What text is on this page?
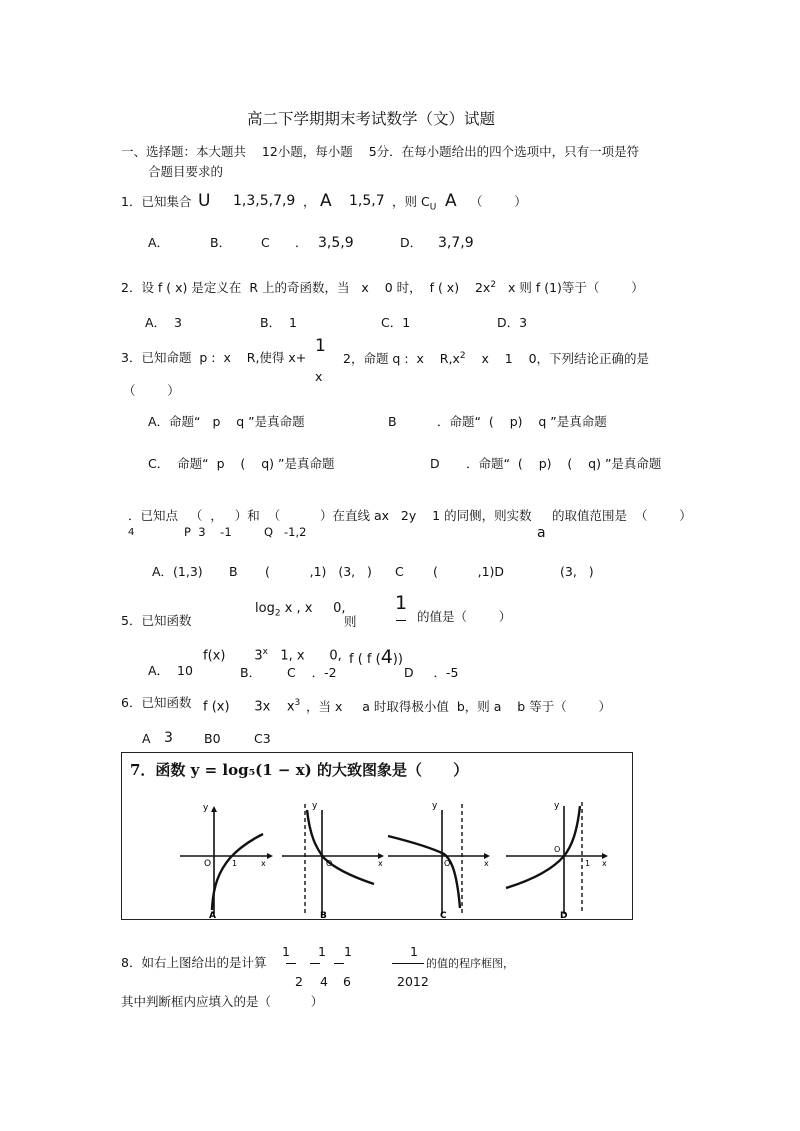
高二下学期期末考试数学（文）试题
一、选择题：本大题共    12小题，每小题    5分．在每小题给出的四个选项中，只有一项是符
合题目要求的
1．已知集合 U 1,3,5,7,9 ， A 1,5,7 ，则 $C_U$ A （        ）
A．	B． C ． 3,5,9	D． 3,7,9
2．设 f ( x) 是定义在  R 上的奇函数，当   x    0 时，  f ( x)    $2x^2$   x 则 f (1)等于（        ）
A．  3	B．  1	C．1	D．3
3．已知命题  p :  x    R,使得 x+
1
x
2，命题 q :  x    $R,x^2$    x    1    0，下列结论正确的是
（        ）
A．命题“   p    q ”是真命题	B	．命题“  (    p)    q ”是真命题
C．  命题“  p    (    q) ”是真命题	D ．命题“  (    p)    (    q) ”是真命题
．已知点   （  ，   ）和  （          ）在直线 ax   2y    1 的同侧，则实数 的取值范围是  （        ）
4	P  3    -1	Q   -1,2	a
A．(1,3) B (          ,1)   (3,   ) C (          ,1)D	(3,   )
5．已知函数
$\log_2 x$ , x     0,
则
1
的值是（        ）
f(x)       3$^x$   1, x      0, f ( f (4))
A．  10	B． C    ．-2	D     ．-5
6．已知函数 f (x)      3x    $x^3$ ，当 x     a 时取得极小值  b，则 a    b 等于（        ）
A 3 B0	C3
7．函数 y = log₅(1 − x) 的大致图象是（      ）
y
O	1	x
A
y
O	x
B
y
O	x
C
y
O
1 x
D
8．如右上图给出的是计算
1 1 1	1
2 4 6	2012
的值的程序框图，
其中判断框内应填入的是（          ）
